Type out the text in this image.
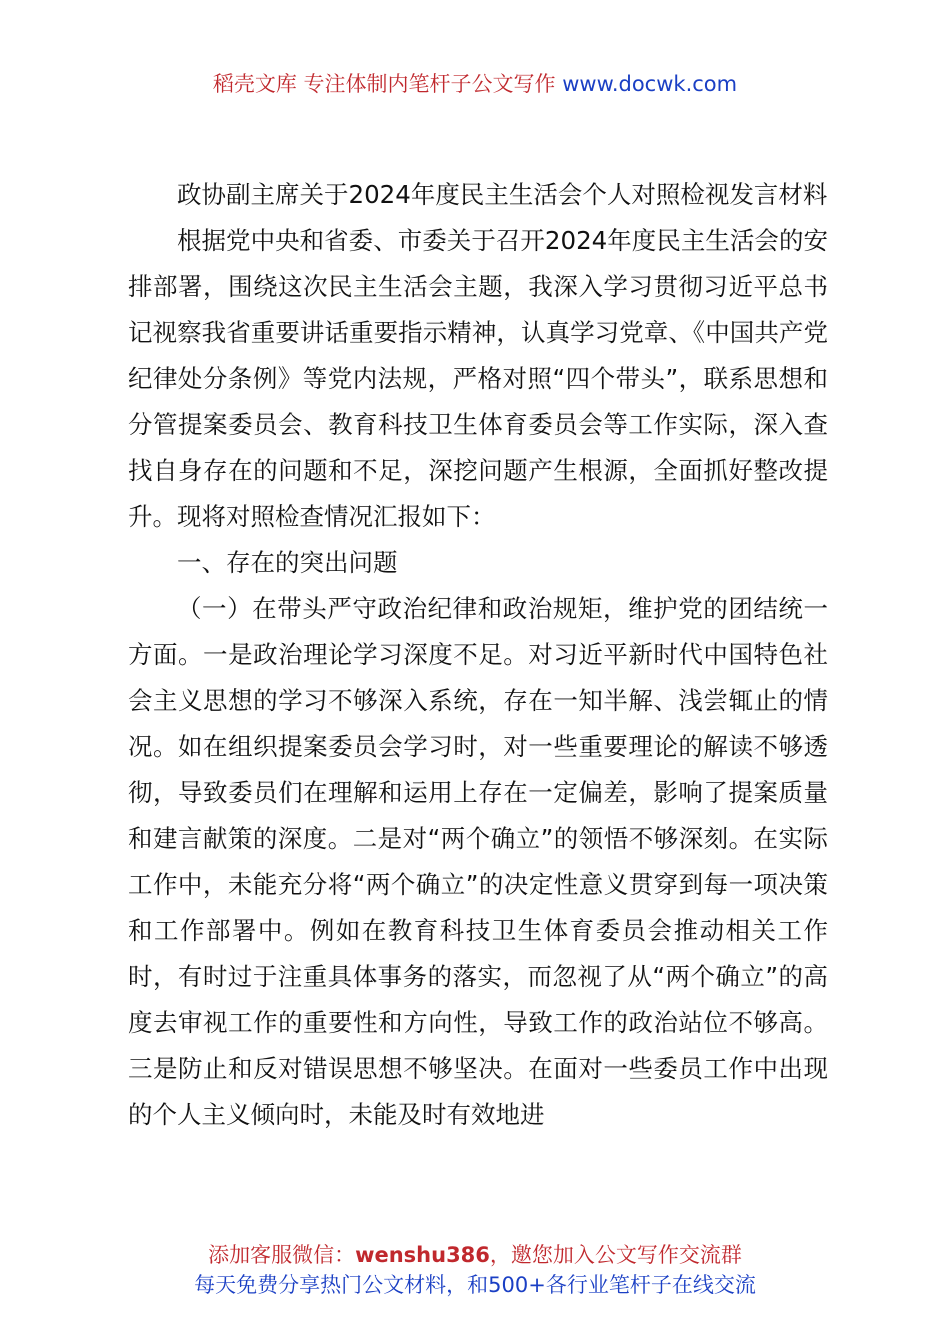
稻壳文库 专注体制内笔杆子公文写作 www.docwk.com

政协副主席关于2024年度民主生活会个人对照检视发言材料

根据党中央和省委、市委关于召开2024年度民主生活会的安排部署，围绕这次民主生活会主题，我深入学习贯彻习近平总书记视察我省重要讲话重要指示精神，认真学习党章、《中国共产党纪律处分条例》等党内法规，严格对照“四个带头”，联系思想和分管提案委员会、教育科技卫生体育委员会等工作实际，深入查找自身存在的问题和不足，深挖问题产生根源，全面抓好整改提升。现将对照检查情况汇报如下：

一、存在的突出问题

（一）在带头严守政治纪律和政治规矩，维护党的团结统一方面。一是政治理论学习深度不足。对习近平新时代中国特色社会主义思想的学习不够深入系统，存在一知半解、浅尝辄止的情况。如在组织提案委员会学习时，对一些重要理论的解读不够透彻，导致委员们在理解和运用上存在一定偏差，影响了提案质量和建言献策的深度。二是对“两个确立”的领悟不够深刻。在实际工作中，未能充分将“两个确立”的决定性意义贯穿到每一项决策和工作部署中。例如在教育科技卫生体育委员会推动相关工作时，有时过于注重具体事务的落实，而忽视了从“两个确立”的高度去审视工作的重要性和方向性，导致工作的政治站位不够高。三是防止和反对错误思想不够坚决。在面对一些委员工作中出现的个人主义倾向时，未能及时有效地进

添加客服微信：wenshu386，邀您加入公文写作交流群
每天免费分享热门公文材料，和500+各行业笔杆子在线交流
